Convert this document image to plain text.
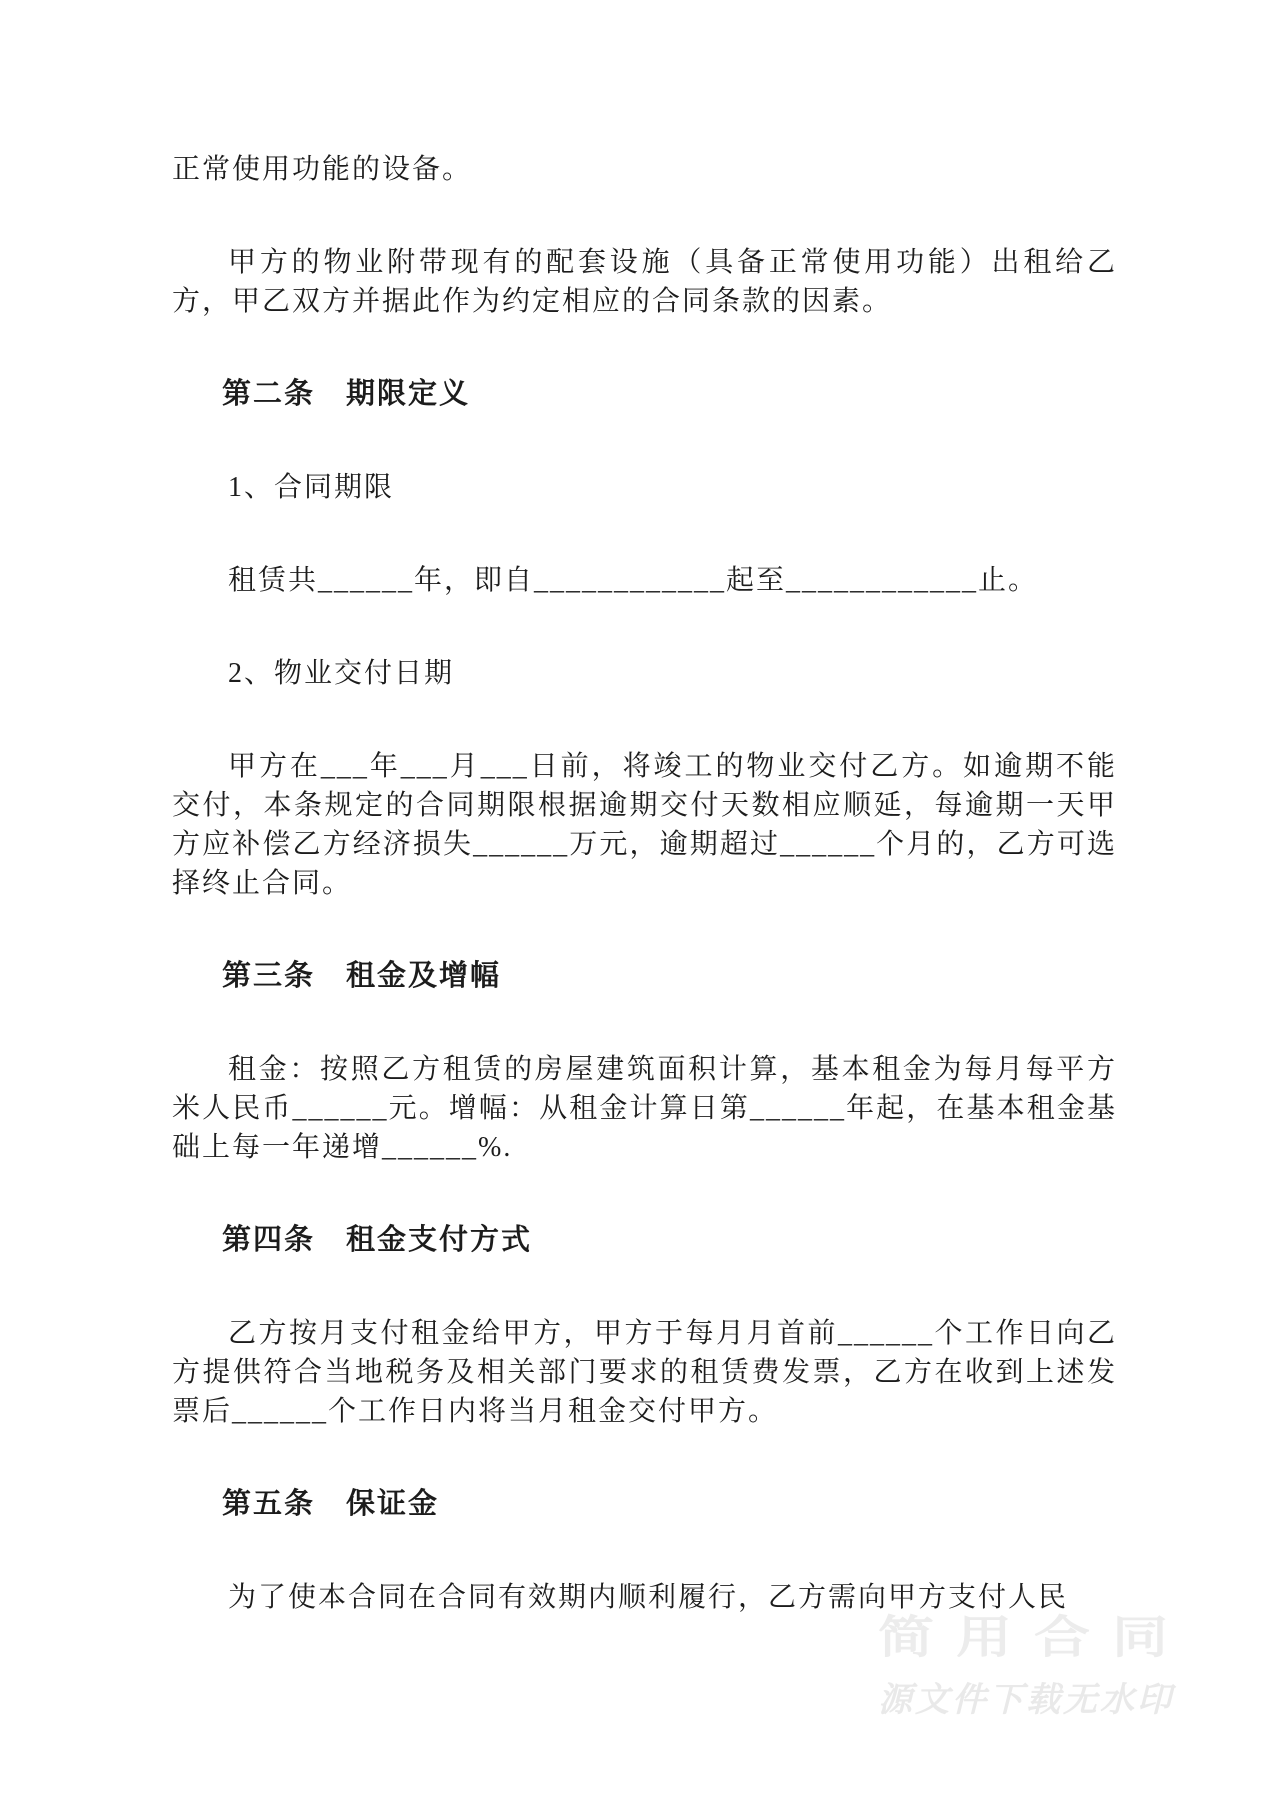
简用合同
源文件下载无水印

正常使用功能的设备。

甲方的物业附带现有的配套设施（具备正常使用功能）出租给乙方，甲乙双方并据此作为约定相应的合同条款的因素。

第二条　期限定义

1、合同期限

租赁共______年，即自____________起至____________止。

2、物业交付日期

甲方在___年___月___日前，将竣工的物业交付乙方。如逾期不能交付，本条规定的合同期限根据逾期交付天数相应顺延，每逾期一天甲方应补偿乙方经济损失______万元，逾期超过______个月的，乙方可选择终止合同。

第三条　租金及增幅

租金：按照乙方租赁的房屋建筑面积计算，基本租金为每月每平方米人民币______元。增幅：从租金计算日第______年起，在基本租金基础上每一年递增______%.

第四条　租金支付方式

乙方按月支付租金给甲方，甲方于每月月首前______个工作日向乙方提供符合当地税务及相关部门要求的租赁费发票，乙方在收到上述发票后______个工作日内将当月租金交付甲方。

第五条　保证金

为了使本合同在合同有效期内顺利履行，乙方需向甲方支付人民
